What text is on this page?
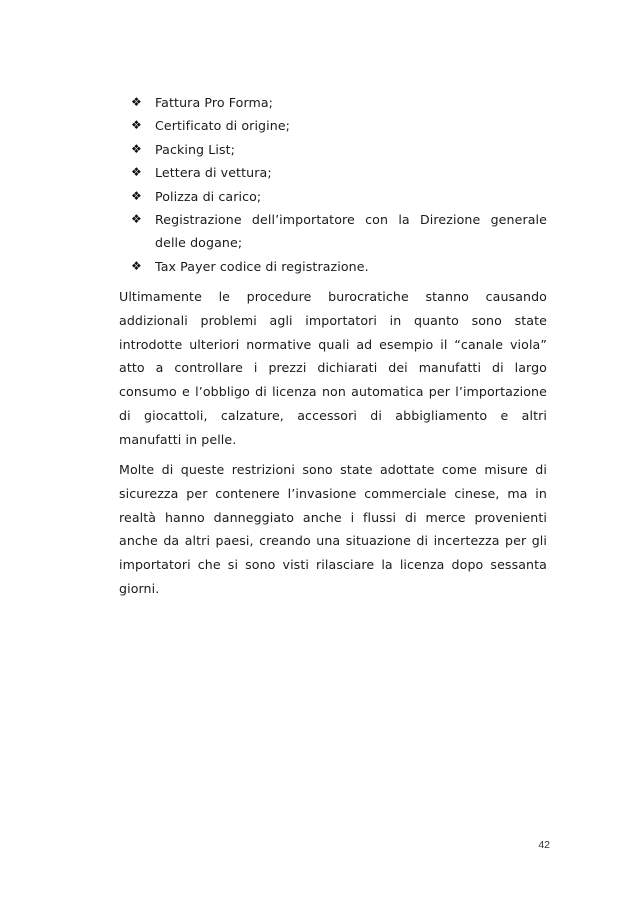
❖	Fattura Pro Forma;
❖	Certificato di origine;
❖	Packing List;
❖	Lettera di vettura;
❖	Polizza di carico;
❖	Registrazione dell’importatore con la Direzione generale delle dogane;
❖	Tax Payer codice di registrazione.

Ultimamente le procedure burocratiche stanno causando addizionali problemi agli importatori in quanto sono state introdotte ulteriori normative quali ad esempio il “canale viola” atto a controllare i prezzi dichiarati dei manufatti di largo consumo e l’obbligo di licenza non automatica per l’importazione di giocattoli, calzature, accessori di abbigliamento e altri manufatti in pelle.

Molte di queste restrizioni sono state adottate come misure di sicurezza per contenere l’invasione commerciale cinese, ma in realtà hanno danneggiato anche i flussi di merce provenienti anche da altri paesi, creando una situazione di incertezza per gli importatori che si sono visti rilasciare la licenza dopo sessanta giorni.

42
